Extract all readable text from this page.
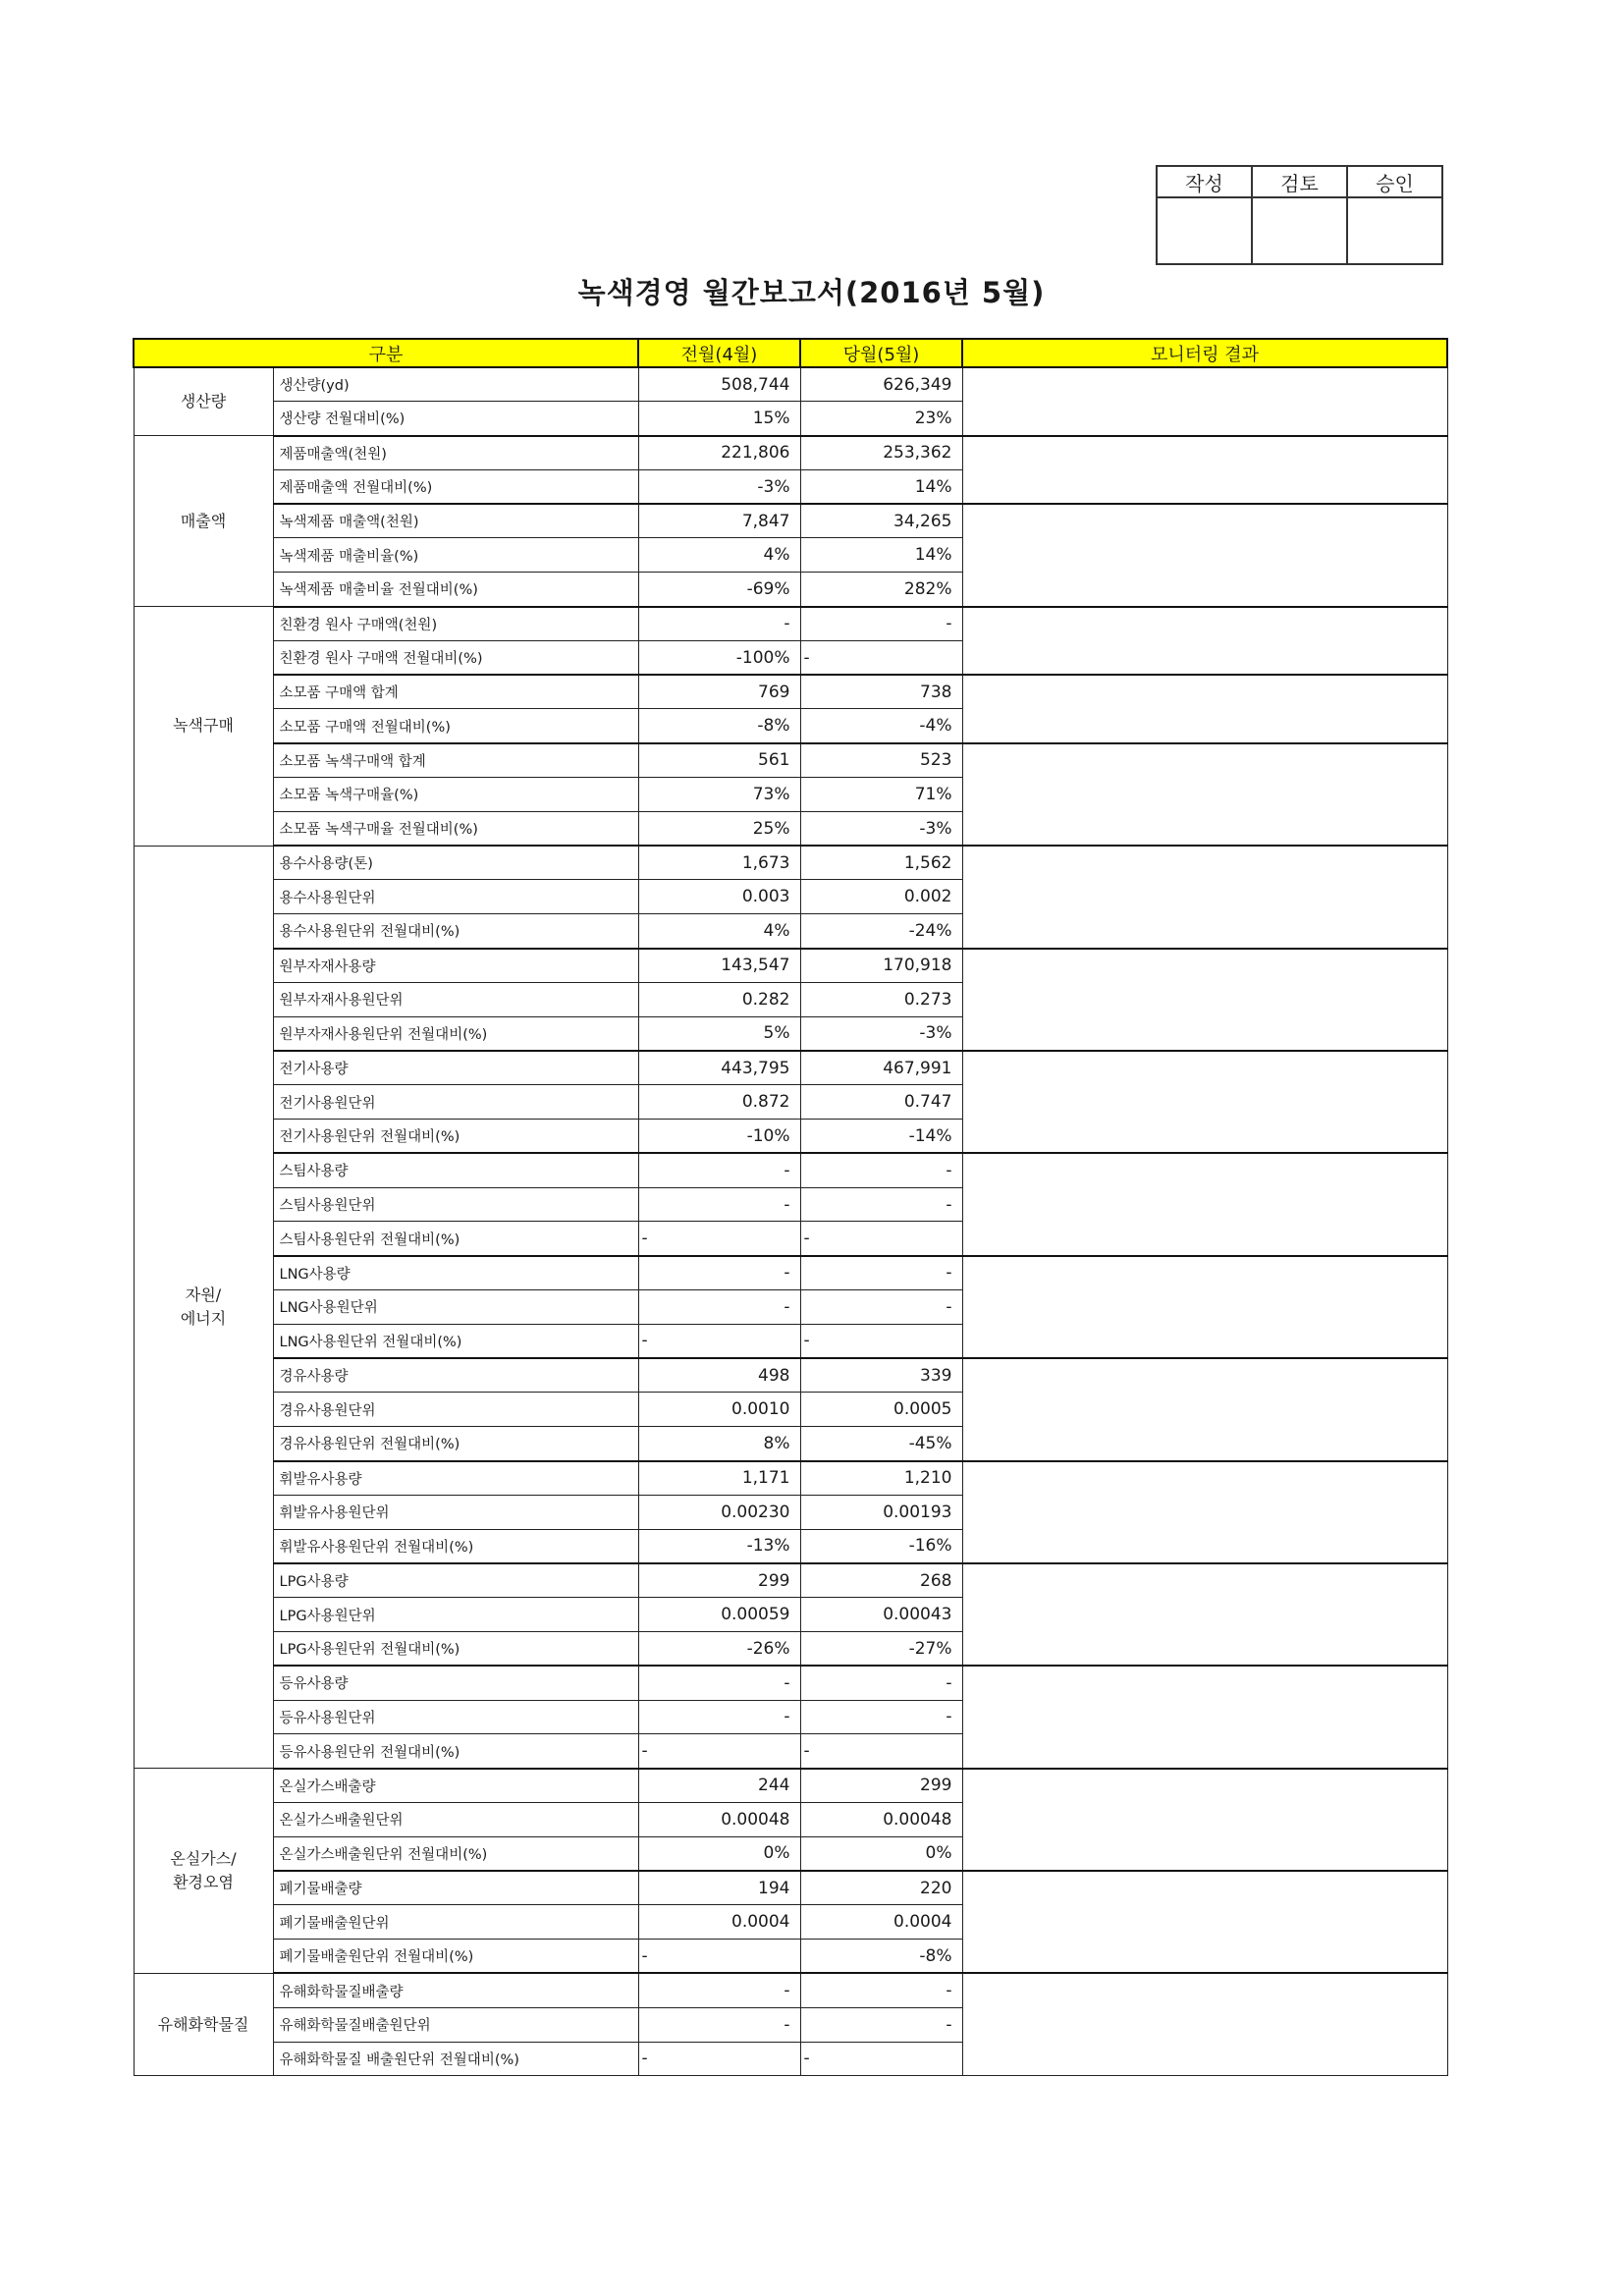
작성	검토	승인

녹색경영 월간보고서(2016년 5월)
구분		전월(4월)	당월(5월)	모니터링 결과
생산량	생산량(yd)	508,744	626,349	
	생산량 전월대비(%)	15%	23%	
매출액	제품매출액(천원)	221,806	253,362	
	제품매출액 전월대비(%)	-3%	14%	
	녹색제품 매출액(천원)	7,847	34,265	
	녹색제품 매출비율(%)	4%	14%	
	녹색제품 매출비율 전월대비(%)	-69%	282%	
녹색구매	친환경 원사 구매액(천원)	-	-	
	친환경 원사 구매액 전월대비(%)	-100%	-	
	소모품 구매액 합계	769	738	
	소모품 구매액 전월대비(%)	-8%	-4%	
	소모품 녹색구매액 합계	561	523	
	소모품 녹색구매율(%)	73%	71%	
	소모품 녹색구매율 전월대비(%)	25%	-3%	
자원/
에너지	용수사용량(톤)	1,673	1,562	
	용수사용원단위	0.003	0.002	
	용수사용원단위 전월대비(%)	4%	-24%	
	원부자재사용량	143,547	170,918	
	원부자재사용원단위	0.282	0.273	
	원부자재사용원단위 전월대비(%)	5%	-3%	
	전기사용량	443,795	467,991	
	전기사용원단위	0.872	0.747	
	전기사용원단위 전월대비(%)	-10%	-14%	
	스팀사용량	-	-	
	스팀사용원단위	-	-	
	스팀사용원단위 전월대비(%)	-	-	
	LNG사용량	-	-	
	LNG사용원단위	-	-	
	LNG사용원단위 전월대비(%)	-	-	
	경유사용량	498	339	
	경유사용원단위	0.0010	0.0005	
	경유사용원단위 전월대비(%)	8%	-45%	
	휘발유사용량	1,171	1,210	
	휘발유사용원단위	0.00230	0.00193	
	휘발유사용원단위 전월대비(%)	-13%	-16%	
	LPG사용량	299	268	
	LPG사용원단위	0.00059	0.00043	
	LPG사용원단위 전월대비(%)	-26%	-27%	
	등유사용량	-	-	
	등유사용원단위	-	-	
	등유사용원단위 전월대비(%)	-	-	
온실가스/
환경오염	온실가스배출량	244	299	
	온실가스배출원단위	0.00048	0.00048	
	온실가스배출원단위 전월대비(%)	0%	0%	
	폐기물배출량	194	220	
	폐기물배출원단위	0.0004	0.0004	
	폐기물배출원단위 전월대비(%)	-	-8%	
유해화학물질	유해화학물질배출량	-	-	
	유해화학물질배출원단위	-	-	
	유해화학물질 배출원단위 전월대비(%)	-	-	
